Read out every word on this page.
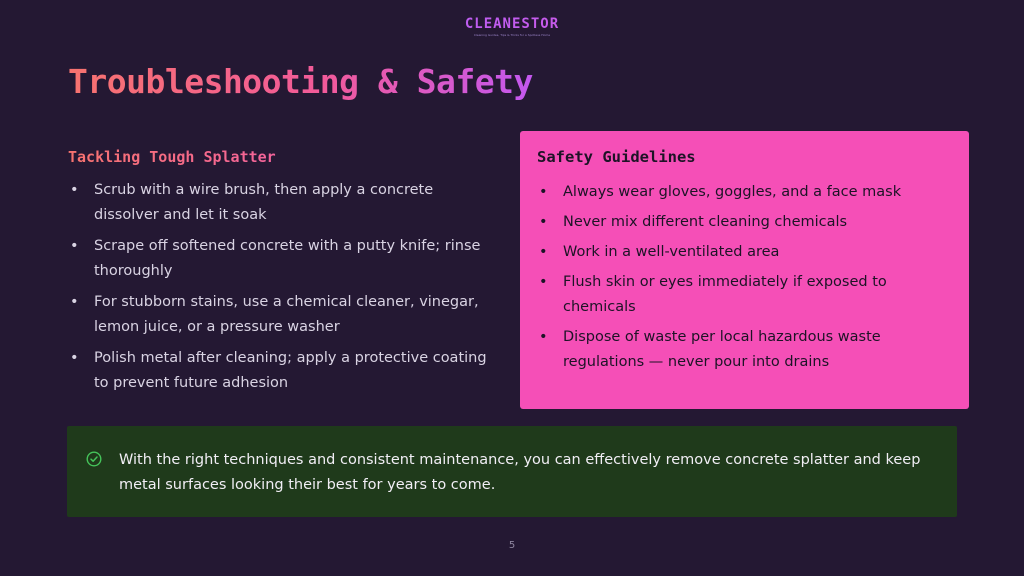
CLEANESTOR
Cleaning Guides, Tips & Tricks for a Spotless Home
Troubleshooting & Safety
Tackling Tough Splatter
• Scrub with a wire brush, then apply a concrete dissolver and let it soak
• Scrape off softened concrete with a putty knife; rinse thoroughly
• For stubborn stains, use a chemical cleaner, vinegar, lemon juice, or a pressure washer
• Polish metal after cleaning; apply a protective coating to prevent future adhesion
Safety Guidelines
• Always wear gloves, goggles, and a face mask
• Never mix different cleaning chemicals
• Work in a well-ventilated area
• Flush skin or eyes immediately if exposed to chemicals
• Dispose of waste per local hazardous waste regulations — never pour into drains
With the right techniques and consistent maintenance, you can effectively remove concrete splatter and keep metal surfaces looking their best for years to come.
5
